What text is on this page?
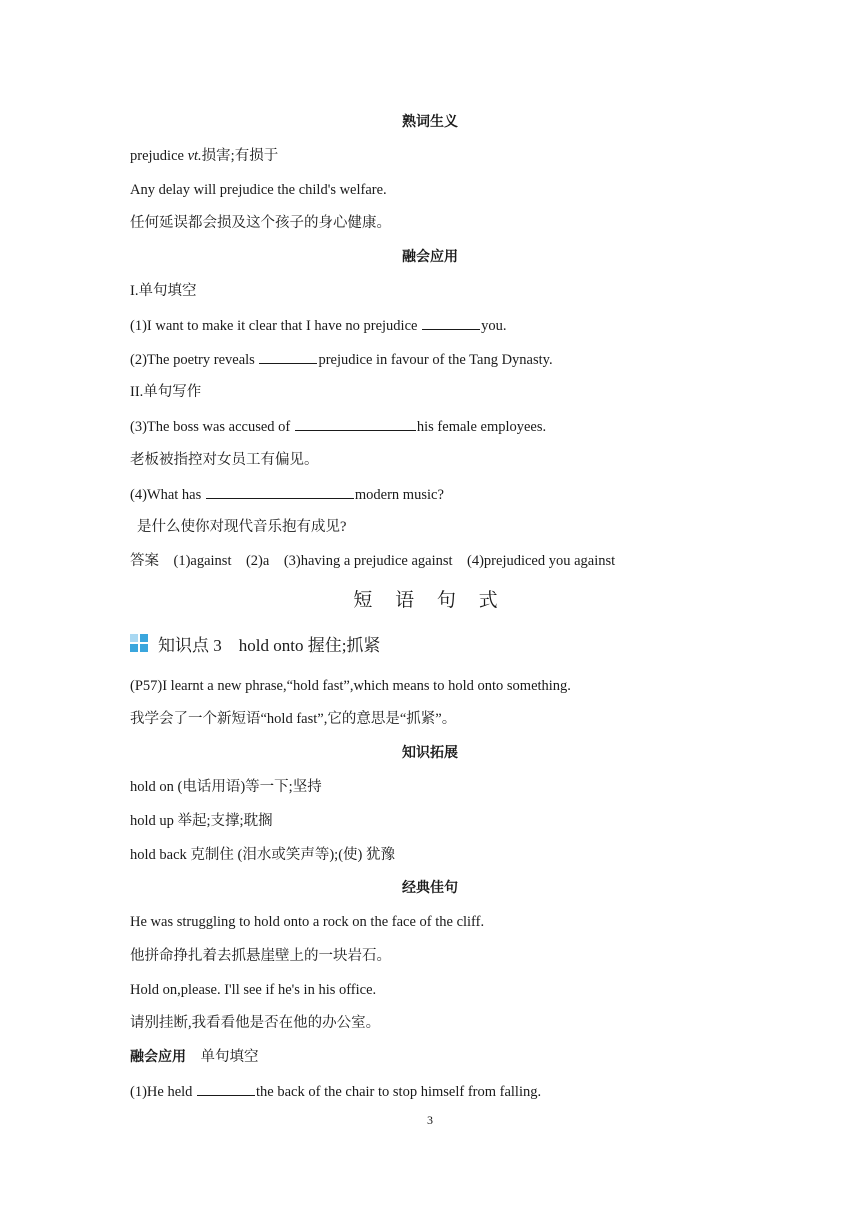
熟词生义
prejudice vt.损害;有损于
Any delay will prejudice the child's welfare.
任何延误都会损及这个孩子的身心健康。
融会应用
I.单句填空
(1)I want to make it clear that I have no prejudice	you.
(2)The poetry reveals	prejudice in favour of the Tang Dynasty.
II.单句写作
(3)The boss was accused of	his female employees.
老板被指控对女员工有偏见。
(4)What has	modern music?
是什么使你对现代音乐抱有成见?
答案　(1)against　(2)a　(3)having a prejudice against　(4)prejudiced you against
短 语 句 式
知识点 3　hold onto 握住;抓紧
(P57)I learnt a new phrase,“hold fast”,which means to hold onto something.
我学会了一个新短语“hold fast”,它的意思是“抓紧”。
知识拓展
hold on (电话用语)等一下;坚持
hold up 举起;支撑;耽搁
hold back 克制住 (泪水或笑声等);(使) 犹豫
经典佳句
He was struggling to hold onto a rock on the face of the cliff.
他拼命挣扎着去抓悬崖壁上的一块岩石。
Hold on,please. I'll see if he's in his office.
请别挂断,我看看他是否在他的办公室。
融会应用　单句填空
(1)He held	the back of the chair to stop himself from falling.
3
